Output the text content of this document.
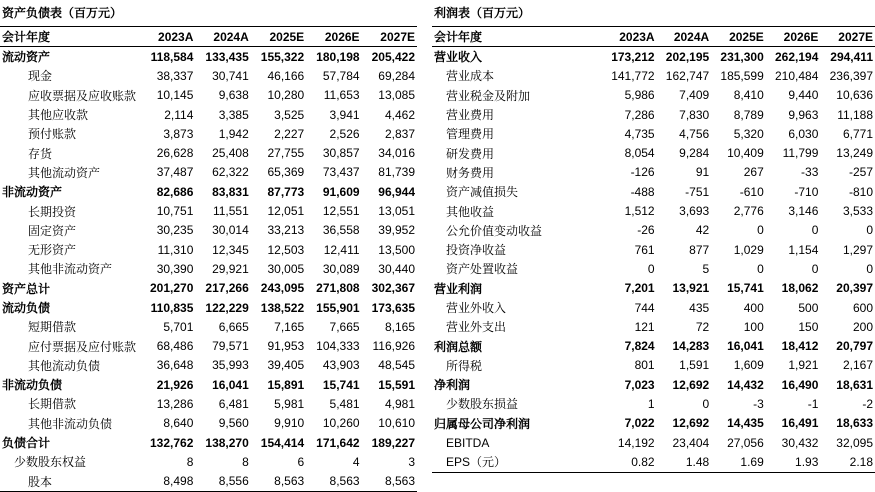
资产负债表（百万元）
会计年度	2023A	2024A	2025E	2026E	2027E
流动资产	118,584	133,435	155,322	180,198	205,422
现金	38,337	30,741	46,166	57,784	69,284
应收票据及应收账款	10,145	9,638	10,280	11,653	13,085
其他应收款	2,114	3,385	3,525	3,941	4,462
预付账款	3,873	1,942	2,227	2,526	2,837
存货	26,628	25,408	27,755	30,857	34,016
其他流动资产	37,487	62,322	65,369	73,437	81,739
非流动资产	82,686	83,831	87,773	91,609	96,944
长期投资	10,751	11,551	12,051	12,551	13,051
固定资产	30,235	30,014	33,213	36,558	39,952
无形资产	11,310	12,345	12,503	12,411	13,500
其他非流动资产	30,390	29,921	30,005	30,089	30,440
资产总计	201,270	217,266	243,095	271,808	302,367
流动负债	110,835	122,229	138,522	155,901	173,635
短期借款	5,701	6,665	7,165	7,665	8,165
应付票据及应付账款	68,486	79,571	91,953	104,333	116,926
其他流动负债	36,648	35,993	39,405	43,903	48,545
非流动负债	21,926	16,041	15,891	15,741	15,591
长期借款	13,286	6,481	5,981	5,481	4,981
其他非流动负债	8,640	9,560	9,910	10,260	10,610
负债合计	132,762	138,270	154,414	171,642	189,227
少数股东权益	8	8	6	4	3
股本	8,498	8,556	8,563	8,563	8,563
利润表（百万元）
会计年度	2023A	2024A	2025E	2026E	2027E
营业收入	173,212	202,195	231,300	262,194	294,411
营业成本	141,772	162,747	185,599	210,484	236,397
营业税金及附加	5,986	7,409	8,410	9,440	10,636
营业费用	7,286	7,830	8,789	9,963	11,188
管理费用	4,735	4,756	5,320	6,030	6,771
研发费用	8,054	9,284	10,409	11,799	13,249
财务费用	-126	91	267	-33	-257
资产减值损失	-488	-751	-610	-710	-810
其他收益	1,512	3,693	2,776	3,146	3,533
公允价值变动收益	-26	42	0	0	0
投资净收益	761	877	1,029	1,154	1,297
资产处置收益	0	5	0	0	0
营业利润	7,201	13,921	15,741	18,062	20,397
营业外收入	744	435	400	500	600
营业外支出	121	72	100	150	200
利润总额	7,824	14,283	16,041	18,412	20,797
所得税	801	1,591	1,609	1,921	2,167
净利润	7,023	12,692	14,432	16,490	18,631
少数股东损益	1	0	-3	-1	-2
归属母公司净利润	7,022	12,692	14,435	16,491	18,633
EBITDA	14,192	23,404	27,056	30,432	32,095
EPS（元）	0.82	1.48	1.69	1.93	2.18
